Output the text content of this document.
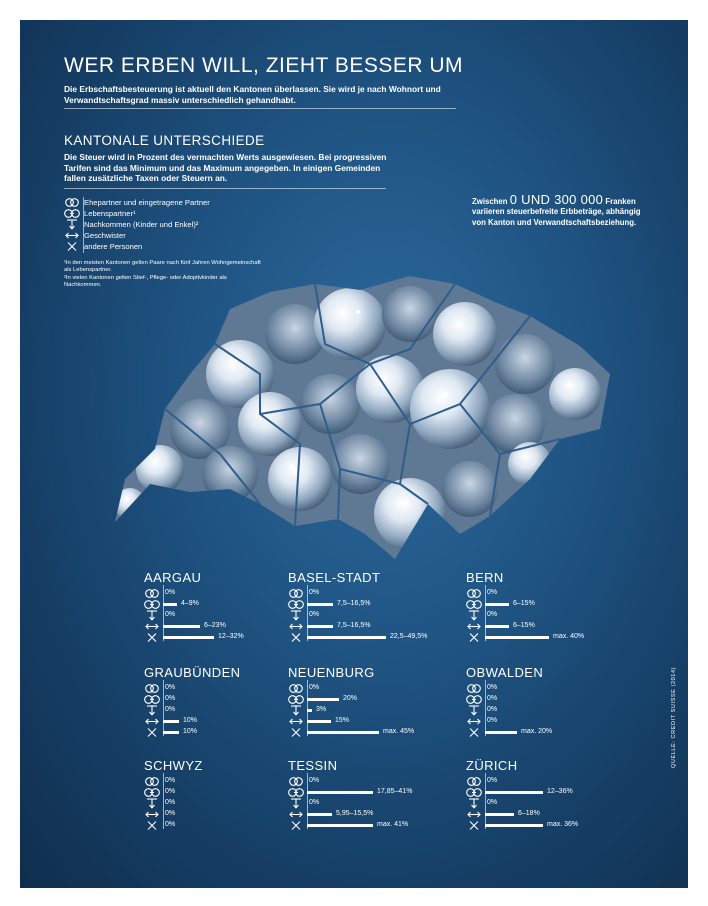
WER ERBEN WILL, ZIEHT BESSER UM
Die Erbschaftsbesteuerung ist aktuell den Kantonen überlassen. Sie wird je nach Wohnort und Verwandtschaftsgrad massiv unterschiedlich gehandhabt.
KANTONALE UNTERSCHIEDE
Die Steuer wird in Prozent des vermachten Werts ausgewiesen. Bei progressiven Tarifen sind das Minimum und das Maximum angegeben. In einigen Gemeinden fallen zusätzliche Taxen oder Steuern an.
Ehepartner und eingetragene Partner
Lebenspartner¹
Nachkommen (Kinder und Enkel)²
Geschwister
andere Personen
¹In den meisten Kantonen gelten Paare nach fünf Jahren Wohngemeinschaft als Lebenspartner.
²In vielen Kantonen gelten Stief-, Pflege- oder Adoptivkinder als Nachkommen.
Zwischen 0 UND 300 000 Franken variieren steuerbefreite Erbbeträge, abhängig von Kanton und Verwandtschaftsbeziehung.
AARGAU
0%
4–9%
0%
6–23%
12–32%
BASEL-STADT
0%
7,5–16,5%
0%
7,5–16,5%
22,5–49,5%
BERN
0%
6–15%
0%
6–15%
max. 40%
GRAUBÜNDEN
0%
0%
0%
10%
10%
NEUENBURG
0%
20%
3%
15%
max. 45%
OBWALDEN
0%
0%
0%
0%
max. 20%
SCHWYZ
0%
0%
0%
0%
0%
TESSIN
0%
17,85–41%
0%
5,95–15,5%
max. 41%
ZÜRICH
0%
12–36%
0%
6–18%
max. 36%
QUELLE: CREDIT SUISSE (2014)
